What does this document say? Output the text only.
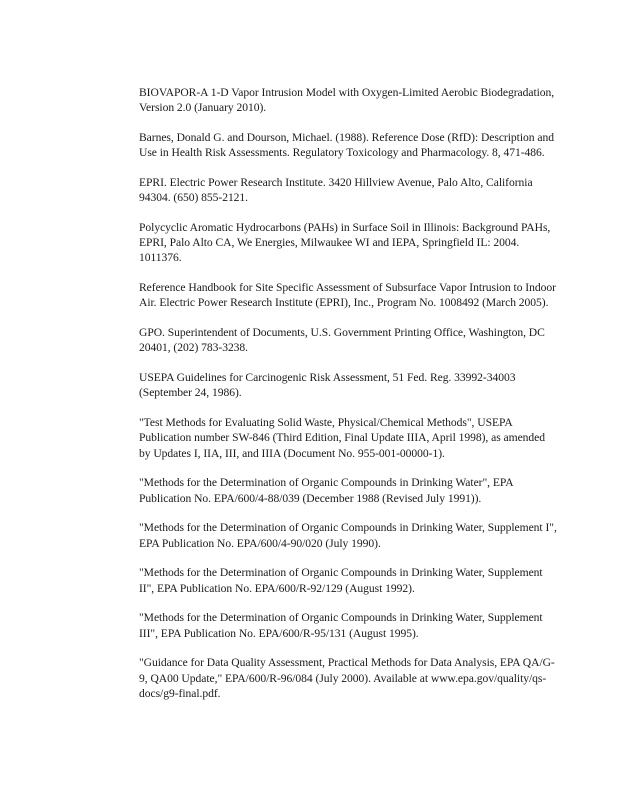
BIOVAPOR-A 1-D Vapor Intrusion Model with Oxygen-Limited Aerobic Biodegradation, Version 2.0 (January 2010).
Barnes, Donald G. and Dourson, Michael. (1988). Reference Dose (RfD): Description and Use in Health Risk Assessments. Regulatory Toxicology and Pharmacology. 8, 471-486.
EPRI. Electric Power Research Institute. 3420 Hillview Avenue, Palo Alto, California 94304. (650) 855-2121.
Polycyclic Aromatic Hydrocarbons (PAHs) in Surface Soil in Illinois: Background PAHs, EPRI, Palo Alto CA, We Energies, Milwaukee WI and IEPA, Springfield IL: 2004. 1011376.
Reference Handbook for Site Specific Assessment of Subsurface Vapor Intrusion to Indoor Air. Electric Power Research Institute (EPRI), Inc., Program No. 1008492 (March 2005).
GPO. Superintendent of Documents, U.S. Government Printing Office, Washington, DC 20401, (202) 783-3238.
USEPA Guidelines for Carcinogenic Risk Assessment, 51 Fed. Reg. 33992-34003 (September 24, 1986).
"Test Methods for Evaluating Solid Waste, Physical/Chemical Methods", USEPA Publication number SW-846 (Third Edition, Final Update IIIA, April 1998), as amended by Updates I, IIA, III, and IIIA (Document No. 955-001-00000-1).
"Methods for the Determination of Organic Compounds in Drinking Water", EPA Publication No. EPA/600/4-88/039 (December 1988 (Revised July 1991)).
"Methods for the Determination of Organic Compounds in Drinking Water, Supplement I", EPA Publication No. EPA/600/4-90/020 (July 1990).
"Methods for the Determination of Organic Compounds in Drinking Water, Supplement II", EPA Publication No. EPA/600/R-92/129 (August 1992).
"Methods for the Determination of Organic Compounds in Drinking Water, Supplement III", EPA Publication No. EPA/600/R-95/131 (August 1995).
"Guidance for Data Quality Assessment, Practical Methods for Data Analysis, EPA QA/G-9, QA00 Update," EPA/600/R-96/084 (July 2000). Available at www.epa.gov/quality/qs-docs/g9-final.pdf.
